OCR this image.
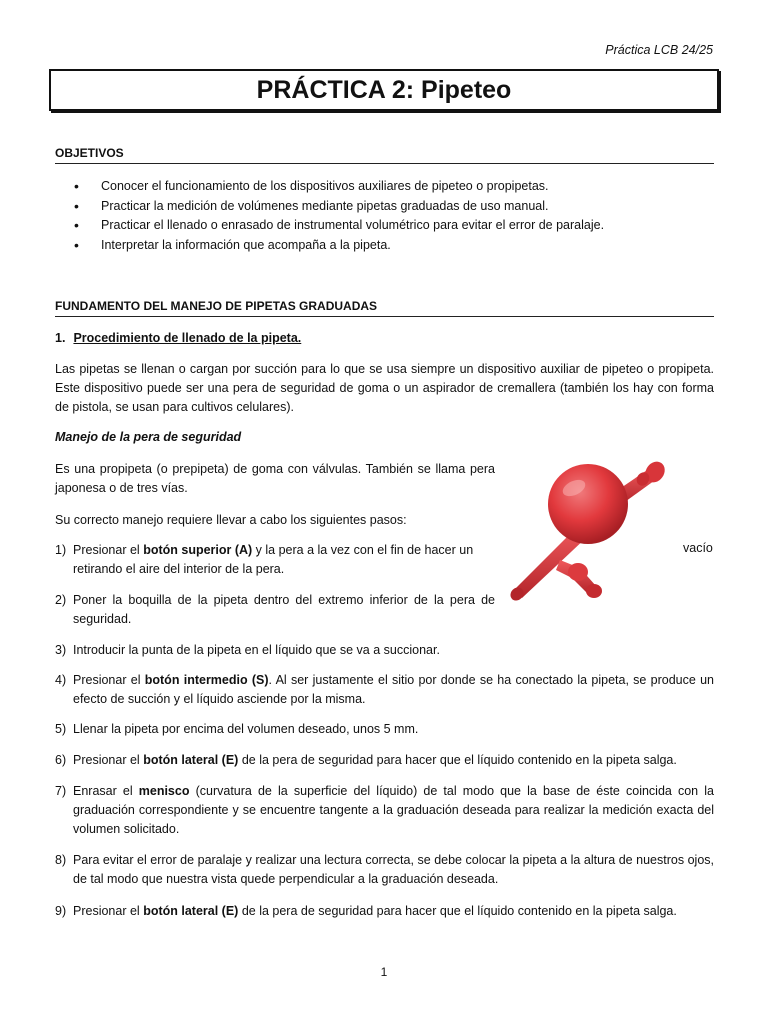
Práctica LCB 24/25
PRÁCTICA 2: Pipeteo
OBJETIVOS
• Conocer el funcionamiento de los dispositivos auxiliares de pipeteo o propipetas.
• Practicar la medición de volúmenes mediante pipetas graduadas de uso manual.
• Practicar el llenado o enrasado de instrumental volumétrico para evitar el error de paralaje.
• Interpretar la información que acompaña a la pipeta.
FUNDAMENTO DEL MANEJO DE PIPETAS GRADUADAS
1. Procedimiento de llenado de la pipeta.
Las pipetas se llenan o cargan por succión para lo que se usa siempre un dispositivo auxiliar de pipeteo o propipeta. Este dispositivo puede ser una pera de seguridad de goma o un aspirador de cremallera (también los hay con forma de pistola, se usan para cultivos celulares).
Manejo de la pera de seguridad
Es una propipeta (o prepipeta) de goma con válvulas. También se llama pera japonesa o de tres vías.
Su correcto manejo requiere llevar a cabo los siguientes pasos:
1) Presionar el botón superior (A) y la pera a la vez con el fin de hacer un
retirando el aire del interior de la pera.
vacío
2) Poner la boquilla de la pipeta dentro del extremo inferior de la pera de seguridad.
3) Introducir la punta de la pipeta en el líquido que se va a succionar.
4) Presionar el botón intermedio (S). Al ser justamente el sitio por donde se ha conectado la pipeta, se produce un efecto de succión y el líquido asciende por la misma.
5) Llenar la pipeta por encima del volumen deseado, unos 5 mm.
6) Presionar el botón lateral (E) de la pera de seguridad para hacer que el líquido contenido en la pipeta salga.
7) Enrasar el menisco (curvatura de la superficie del líquido) de tal modo que la base de éste coincida con la graduación correspondiente y se encuentre tangente a la graduación deseada para realizar la medición exacta del volumen solicitado.
8) Para evitar el error de paralaje y realizar una lectura correcta, se debe colocar la pipeta a la altura de nuestros ojos, de tal modo que nuestra vista quede perpendicular a la graduación deseada.
9) Presionar el botón lateral (E) de la pera de seguridad para hacer que el líquido contenido en la pipeta salga.
1
